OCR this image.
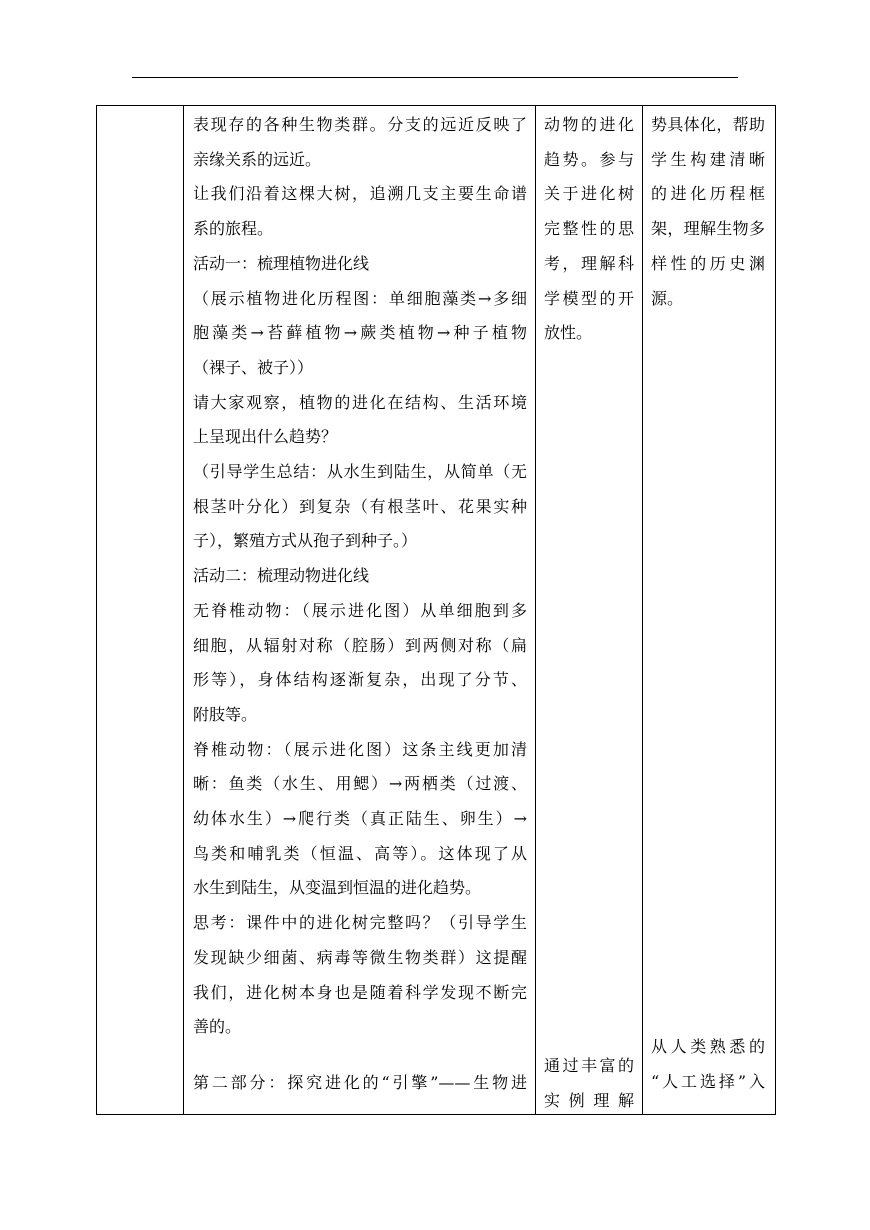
表现存的各种生物类群。分支的远近反映了
亲缘关系的远近。
让我们沿着这棵大树，追溯几支主要生命谱
系的旅程。
活动一：梳理植物进化线
（展示植物进化历程图：单细胞藻类→多细
胞藻类→苔藓植物→蕨类植物→种子植物
（裸子、被子））
请大家观察，植物的进化在结构、生活环境
上呈现出什么趋势？
（引导学生总结：从水生到陆生，从简单（无
根茎叶分化）到复杂（有根茎叶、花果实种
子），繁殖方式从孢子到种子。）
活动二：梳理动物进化线
无脊椎动物：（展示进化图）从单细胞到多
细胞，从辐射对称（腔肠）到两侧对称（扁
形等），身体结构逐渐复杂，出现了分节、
附肢等。
脊椎动物：（展示进化图）这条主线更加清
晰：鱼类（水生、用鳃）→两栖类（过渡、
幼体水生）→爬行类（真正陆生、卵生）→
鸟类和哺乳类（恒温、高等）。这体现了从
水生到陆生，从变温到恒温的进化趋势。
思考：课件中的进化树完整吗？（引导学生
发现缺少细菌、病毒等微生物类群）这提醒
我们，进化树本身也是随着科学发现不断完
善的。
第二部分：探究进化的“引擎”——生物进
动物的进化
趋势。参与
关于进化树
完整性的思
考，理解科
学模型的开
放性。
通过丰富的
实例理解
势具体化，帮助
学生构建清晰
的进化历程框
架，理解生物多
样性的历史渊
源。
从人类熟悉的
“人工选择”入
